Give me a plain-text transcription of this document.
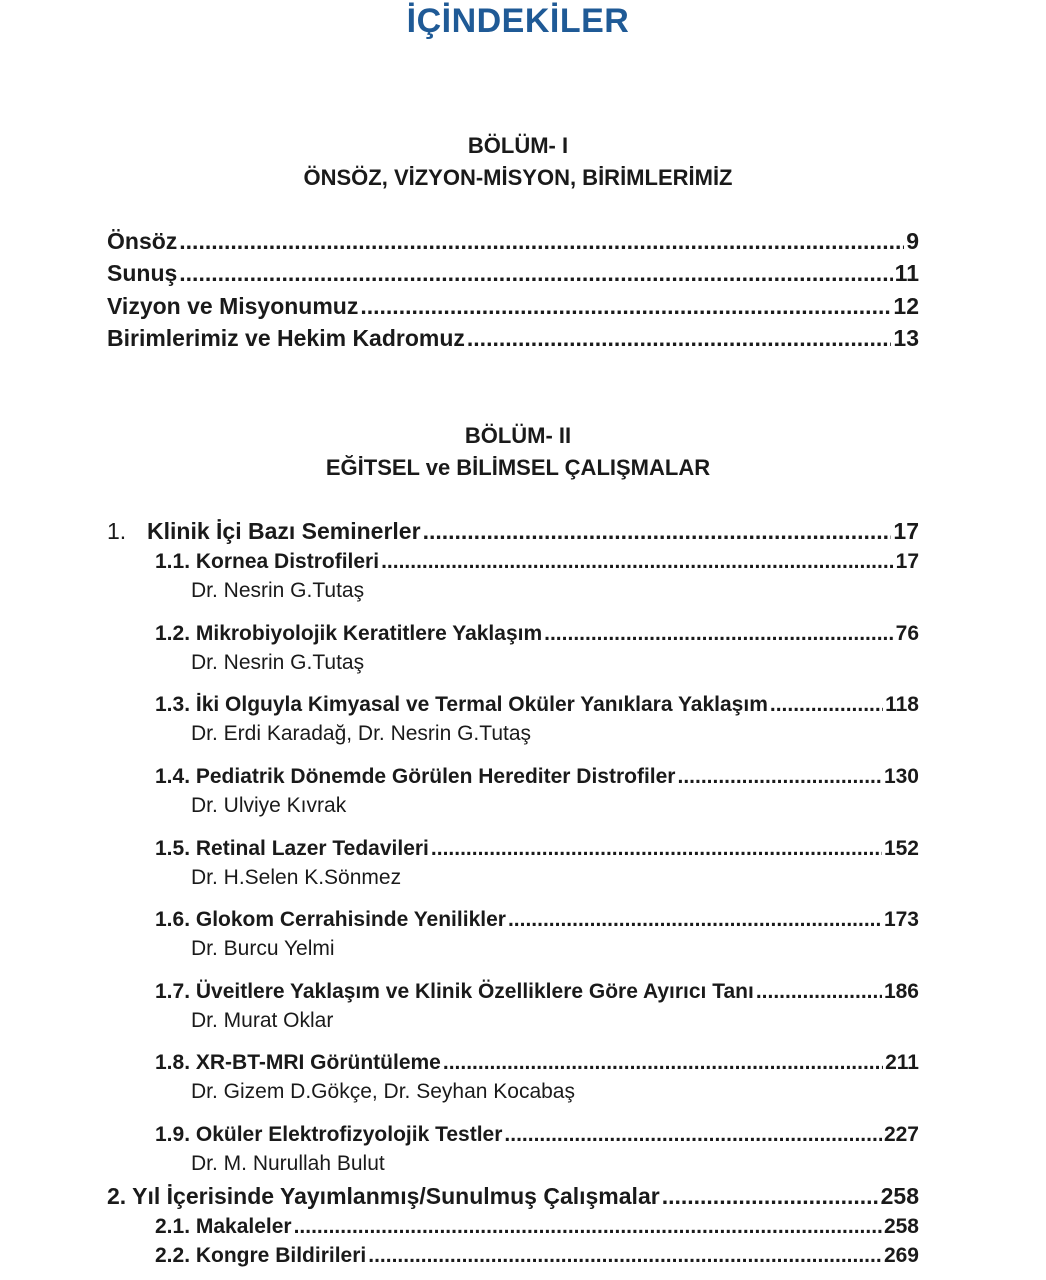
İÇİNDEKİLER
BÖLÜM- I
ÖNSÖZ, VİZYON-MİSYON, BİRİMLERİMİZ
Önsöz .....	9
Sunuş .....	11
Vizyon ve Misyonumuz .....	12
Birimlerimiz ve Hekim Kadromuz .....	13
BÖLÜM- II
EĞİTSEL ve BİLİMSEL ÇALIŞMALAR
1. Klinik İçi Bazı Seminerler .....	17
1.1. Kornea Distrofileri .....	17
Dr. Nesrin G.Tutaş
1.2. Mikrobiyolojik Keratitlere Yaklaşım .....	76
Dr. Nesrin G.Tutaş
1.3. İki Olguyla Kimyasal ve Termal Oküler Yanıklara Yaklaşım .....	118
Dr. Erdi Karadağ, Dr. Nesrin G.Tutaş
1.4. Pediatrik Dönemde Görülen Herediter Distrofiler .....	130
Dr. Ulviye Kıvrak
1.5. Retinal Lazer Tedavileri .....	152
Dr. H.Selen K.Sönmez
1.6. Glokom Cerrahisinde Yenilikler .....	173
Dr. Burcu Yelmi
1.7. Üveitlere Yaklaşım ve Klinik Özelliklere Göre Ayırıcı Tanı .....	186
Dr. Murat Oklar
1.8. XR-BT-MRI Görüntüleme .....	211
Dr. Gizem D.Gökçe, Dr. Seyhan Kocabaş
1.9. Oküler Elektrofizyolojik Testler .....	227
Dr. M. Nurullah Bulut
2. Yıl İçerisinde Yayımlanmış/Sunulmuş Çalışmalar .....	258
2.1. Makaleler .....	258
2.2. Kongre Bildirileri .....	269
